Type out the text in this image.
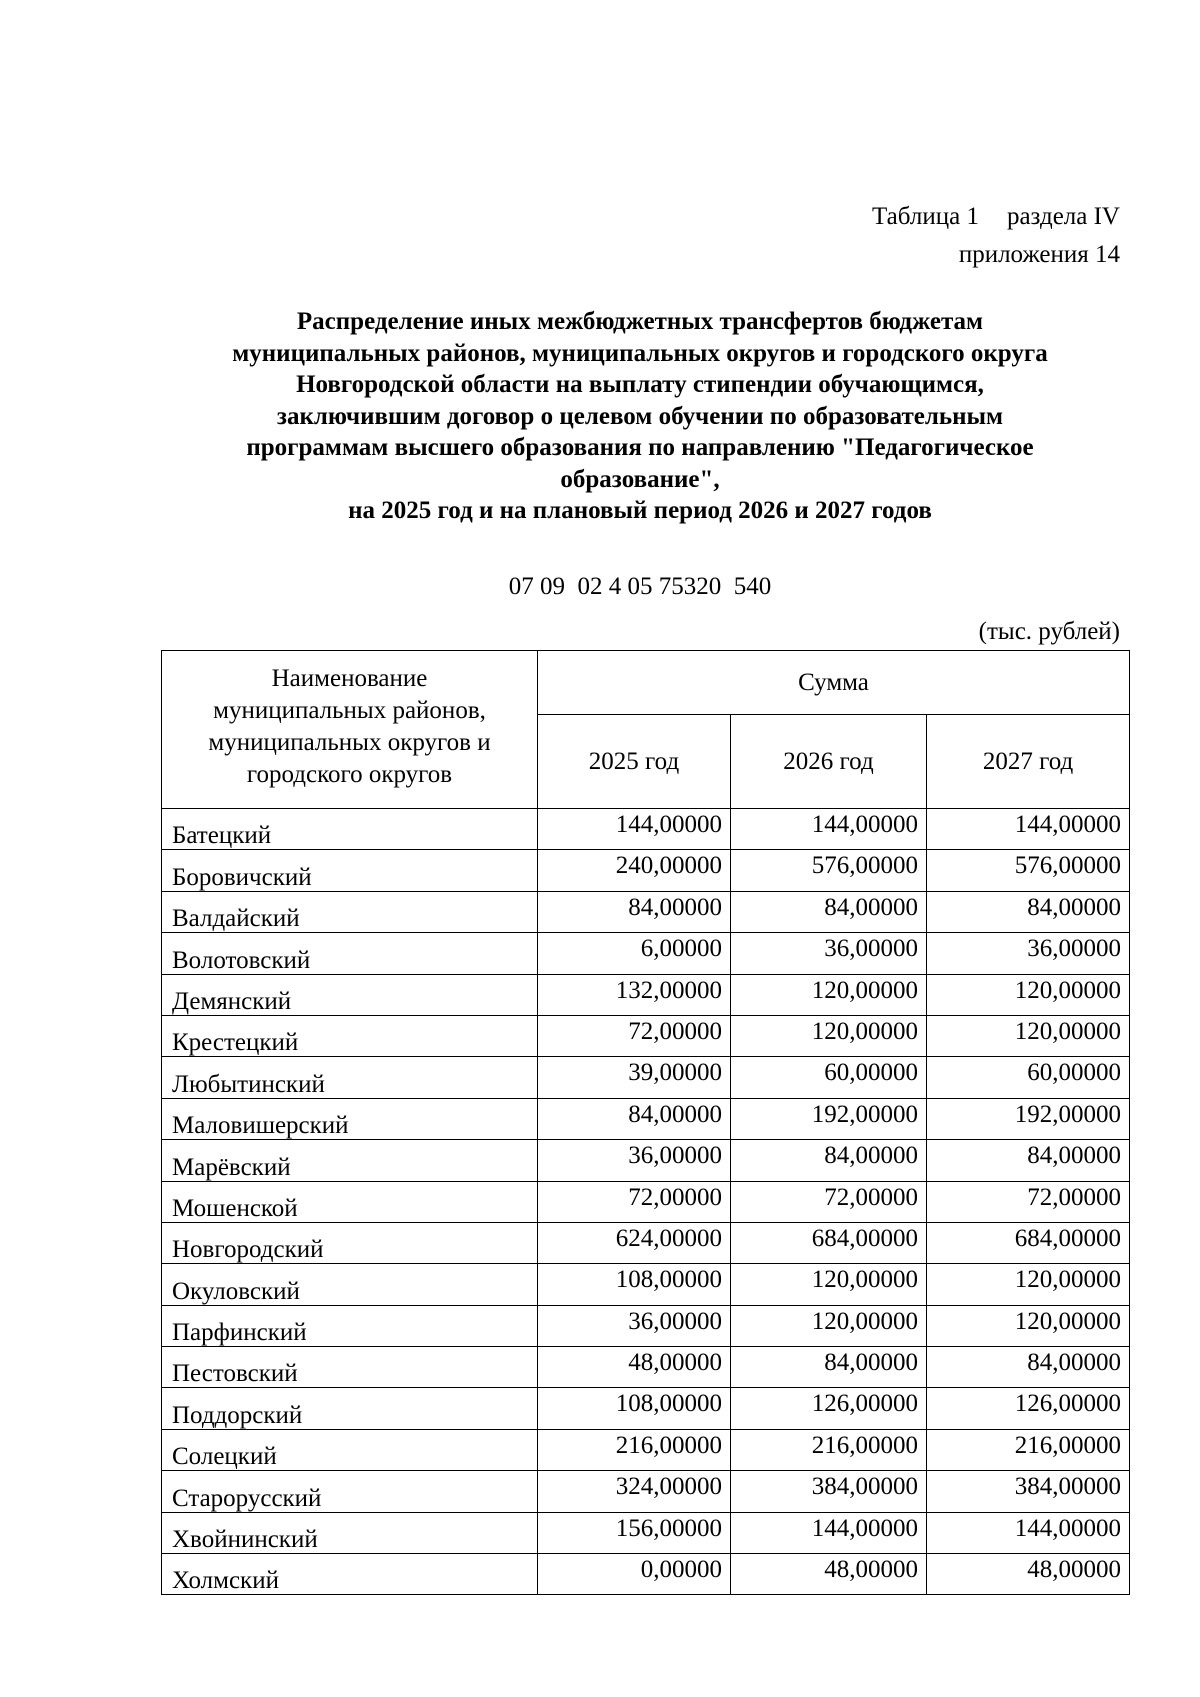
Таблица 1 раздела IV
приложения 14
Распределение иных межбюджетных трансфертов бюджетам
муниципальных районов, муниципальных округов и городского округа
Новгородской области на выплату стипендии обучающимся,
заключившим договор о целевом обучении по образовательным
программам высшего образования по направлению "Педагогическое
образование",
на 2025 год и на плановый период 2026 и 2027 годов
07 09  02 4 05 75320  540
(тыс. рублей)
Наименование
муниципальных районов,
муниципальных округов и
городского округов	Сумма		
	2025 год	2026 год	2027 год
Батецкий	144,00000	144,00000	144,00000
Боровичский	240,00000	576,00000	576,00000
Валдайский	84,00000	84,00000	84,00000
Волотовский	6,00000	36,00000	36,00000
Демянский	132,00000	120,00000	120,00000
Крестецкий	72,00000	120,00000	120,00000
Любытинский	39,00000	60,00000	60,00000
Маловишерский	84,00000	192,00000	192,00000
Марёвский	36,00000	84,00000	84,00000
Мошенской	72,00000	72,00000	72,00000
Новгородский	624,00000	684,00000	684,00000
Окуловский	108,00000	120,00000	120,00000
Парфинский	36,00000	120,00000	120,00000
Пестовский	48,00000	84,00000	84,00000
Поддорский	108,00000	126,00000	126,00000
Солецкий	216,00000	216,00000	216,00000
Старорусский	324,00000	384,00000	384,00000
Хвойнинский	156,00000	144,00000	144,00000
Холмский	0,00000	48,00000	48,00000
